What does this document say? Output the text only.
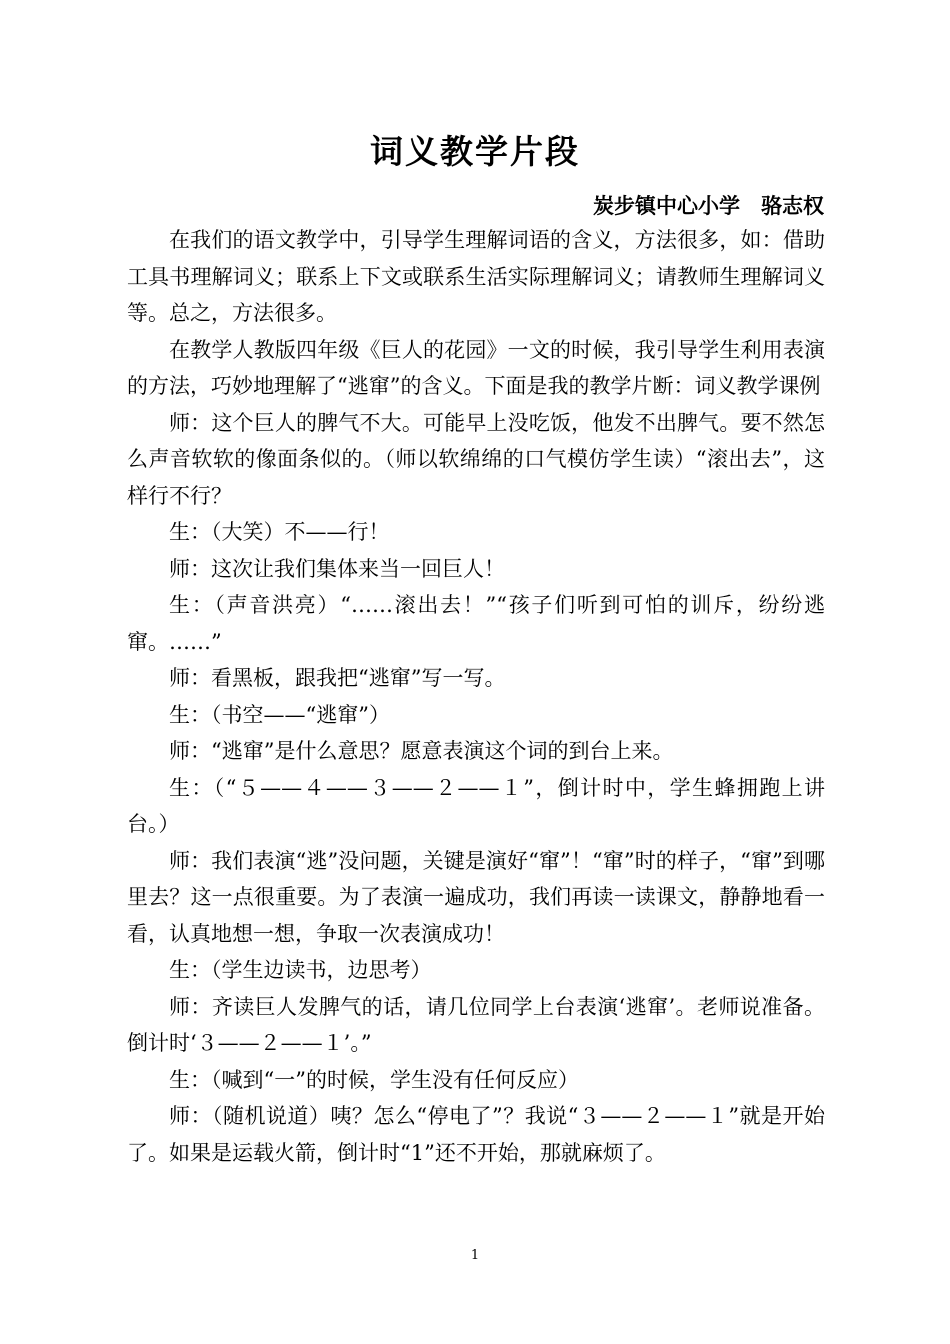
词义教学片段
炭步镇中心小学　骆志权

在我们的语文教学中，引导学生理解词语的含义，方法很多，如：借助工具书理解词义；联系上下文或联系生活实际理解词义；请教师生理解词义等。总之，方法很多。

在教学人教版四年级《巨人的花园》一文的时候，我引导学生利用表演的方法，巧妙地理解了“逃窜”的含义。下面是我的教学片断：词义教学课例

师：这个巨人的脾气不大。可能早上没吃饭，他发不出脾气。要不然怎么声音软软的像面条似的。（师以软绵绵的口气模仿学生读）“滚出去”，这样行不行？

生：（大笑）不——行！

师：这次让我们集体来当一回巨人！

生：（声音洪亮）“……滚出去！”“孩子们听到可怕的训斥，纷纷逃窜。……”

师：看黑板，跟我把“逃窜”写一写。

生：（书空——“逃窜”）

师：“逃窜”是什么意思？愿意表演这个词的到台上来。

生：（“５——４——３——２——１”，倒计时中，学生蜂拥跑上讲台。）

师：我们表演“逃”没问题，关键是演好“窜”！“窜”时的样子，“窜”到哪里去？这一点很重要。为了表演一遍成功，我们再读一读课文，静静地看一看，认真地想一想，争取一次表演成功！

生：（学生边读书，边思考）

师：齐读巨人发脾气的话，请几位同学上台表演‘逃窜’。老师说准备。倒计时‘３——２——１’。”

生：（喊到“一”的时候，学生没有任何反应）

师：（随机说道）咦？怎么“停电了”？我说“３——２——１”就是开始了。如果是运载火箭，倒计时“1”还不开始，那就麻烦了。

1
